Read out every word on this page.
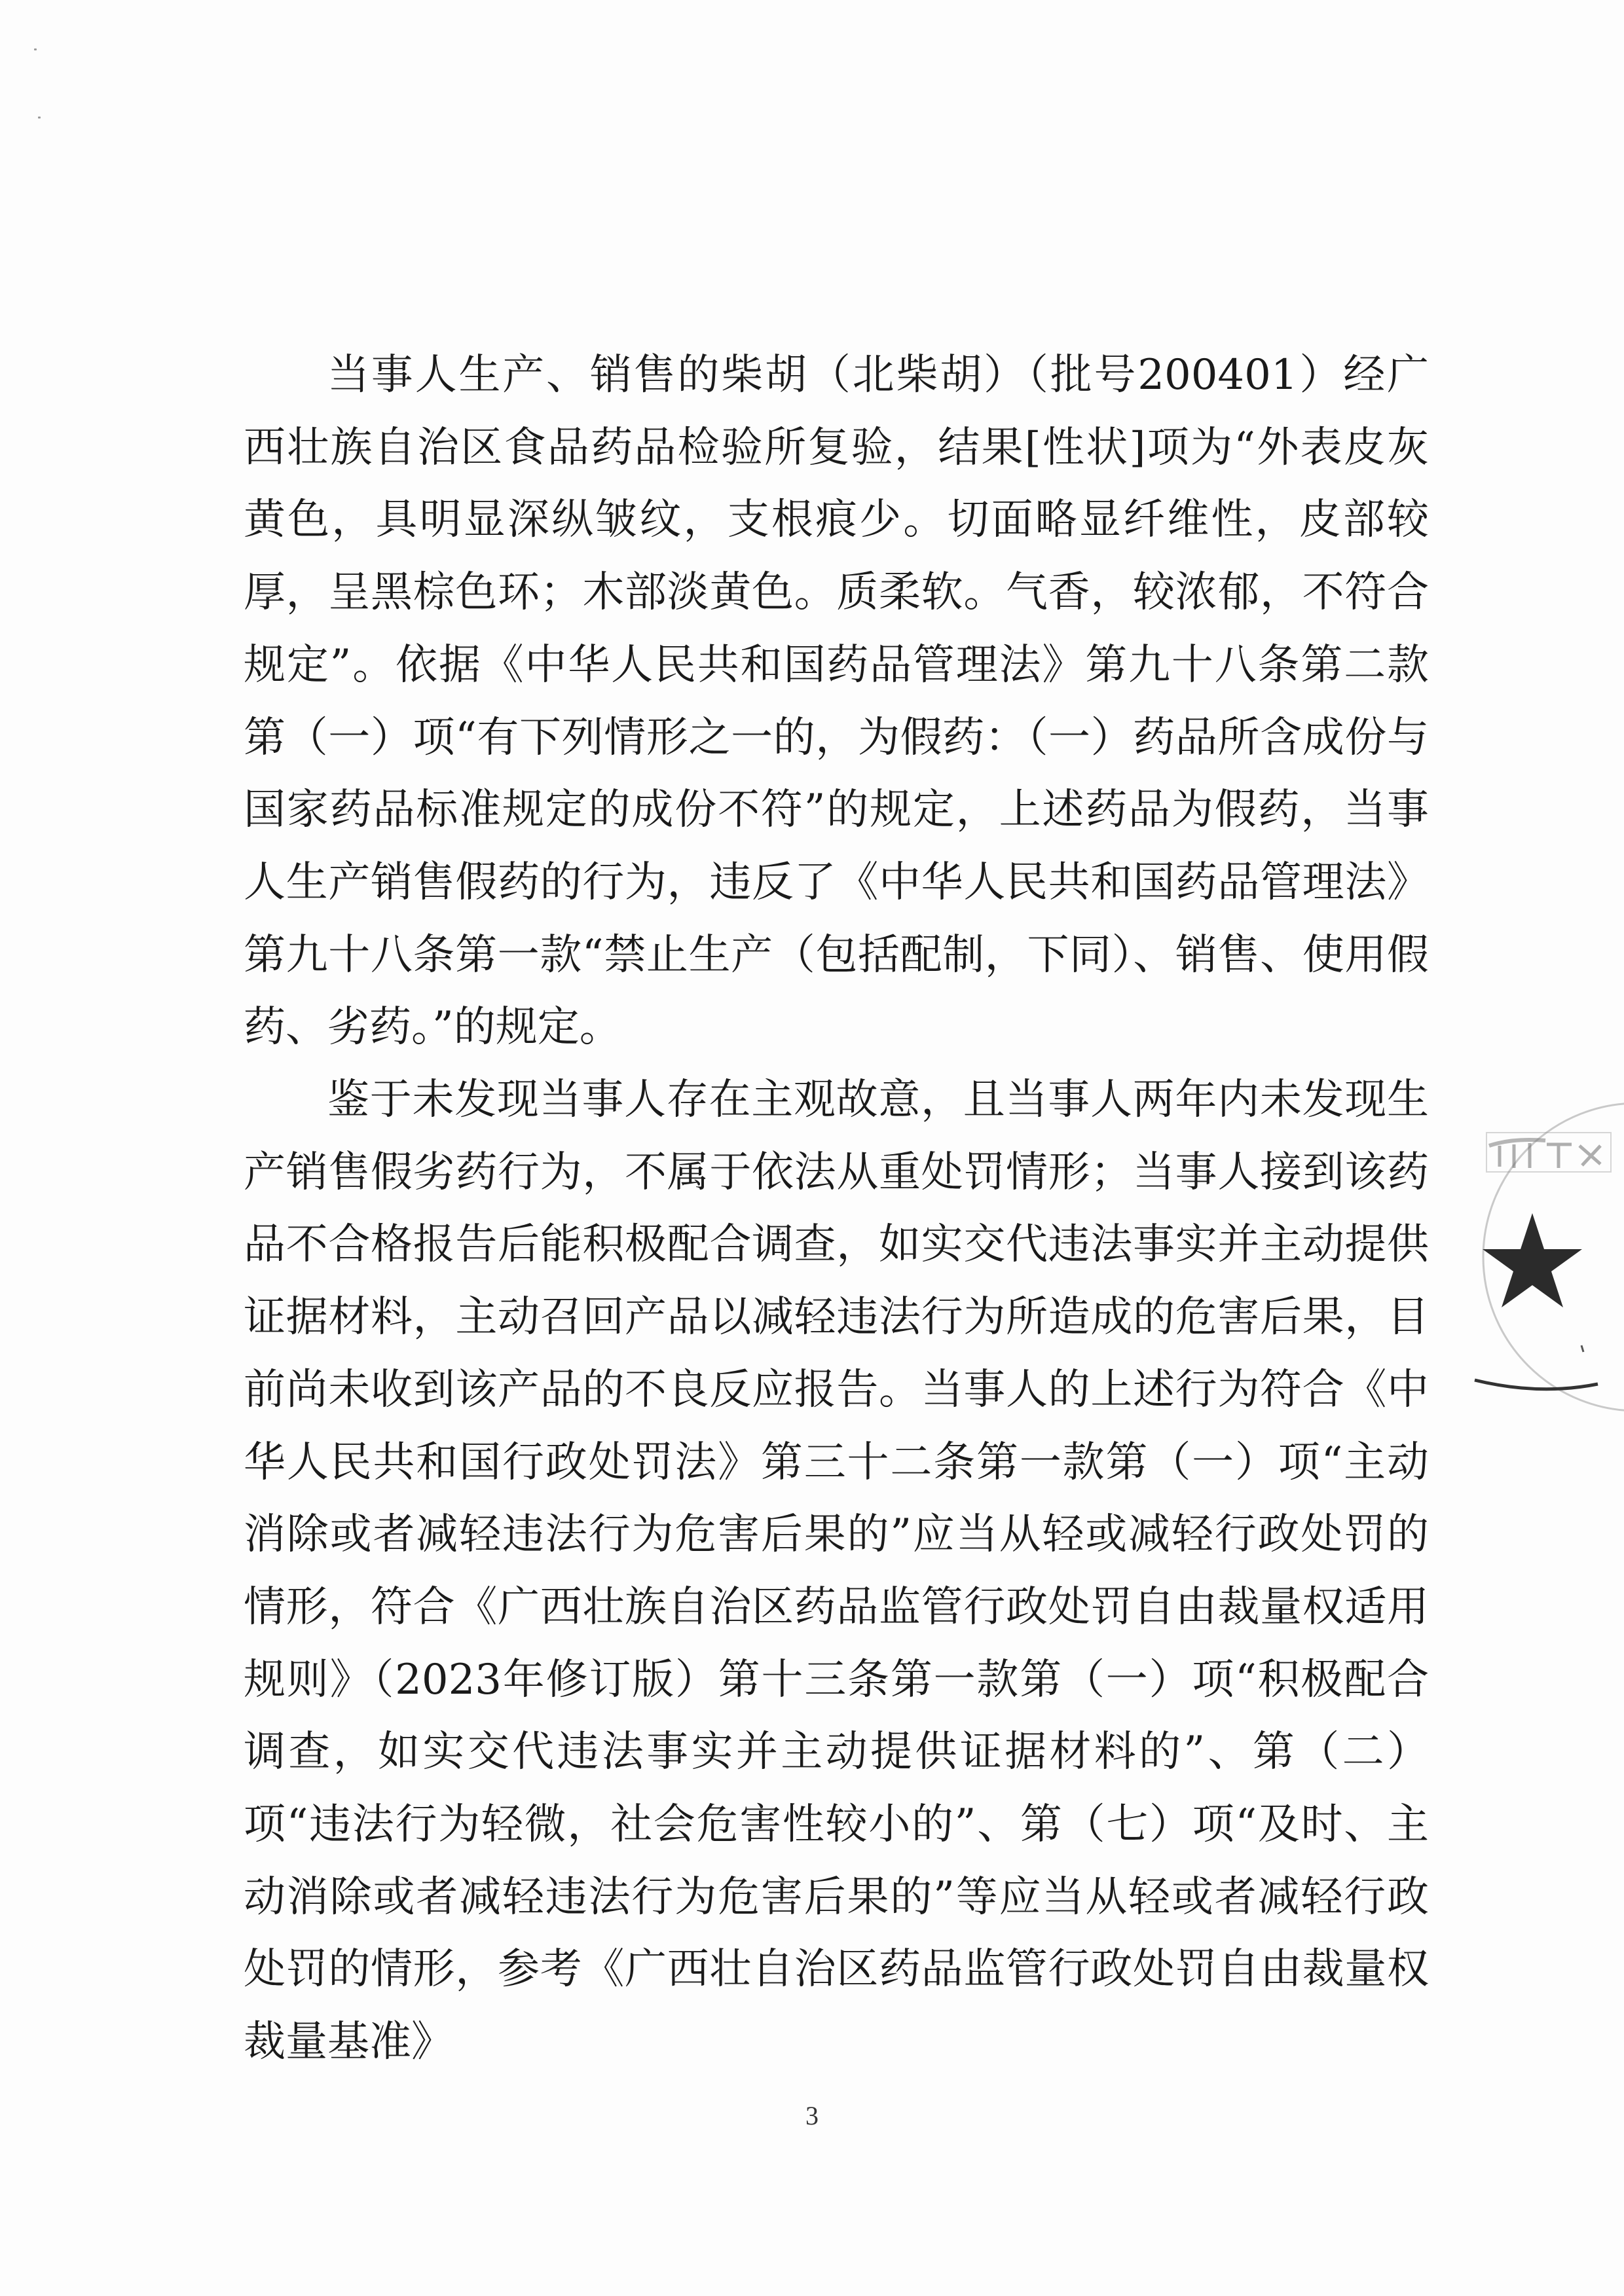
当事人生产、销售的柴胡（北柴胡）（批号200401）经广西壮族自治区食品药品检验所复验，结果[性状]项为“外表皮灰黄色，具明显深纵皱纹，支根痕少。切面略显纤维性，皮部较厚，呈黑棕色环；木部淡黄色。质柔软。气香，较浓郁，不符合规定”。依据《中华人民共和国药品管理法》第九十八条第二款第（一）项“有下列情形之一的，为假药：（一）药品所含成份与国家药品标准规定的成份不符”的规定，上述药品为假药，当事人生产销售假药的行为，违反了《中华人民共和国药品管理法》第九十八条第一款“禁止生产（包括配制，下同）、销售、使用假药、劣药。”的规定。

鉴于未发现当事人存在主观故意，且当事人两年内未发现生产销售假劣药行为，不属于依法从重处罚情形；当事人接到该药品不合格报告后能积极配合调查，如实交代违法事实并主动提供证据材料，主动召回产品以减轻违法行为所造成的危害后果，目前尚未收到该产品的不良反应报告。当事人的上述行为符合《中华人民共和国行政处罚法》第三十二条第一款第（一）项“主动消除或者减轻违法行为危害后果的”应当从轻或减轻行政处罚的情形，符合《广西壮族自治区药品监管行政处罚自由裁量权适用规则》（2023年修订版）第十三条第一款第（一）项“积极配合调查，如实交代违法事实并主动提供证据材料的”、第（二）项“违法行为轻微，社会危害性较小的”、第（七）项“及时、主动消除或者减轻违法行为危害后果的”等应当从轻或者减轻行政处罚的情形，参考《广西壮自治区药品监管行政处罚自由裁量权裁量基准》

3
